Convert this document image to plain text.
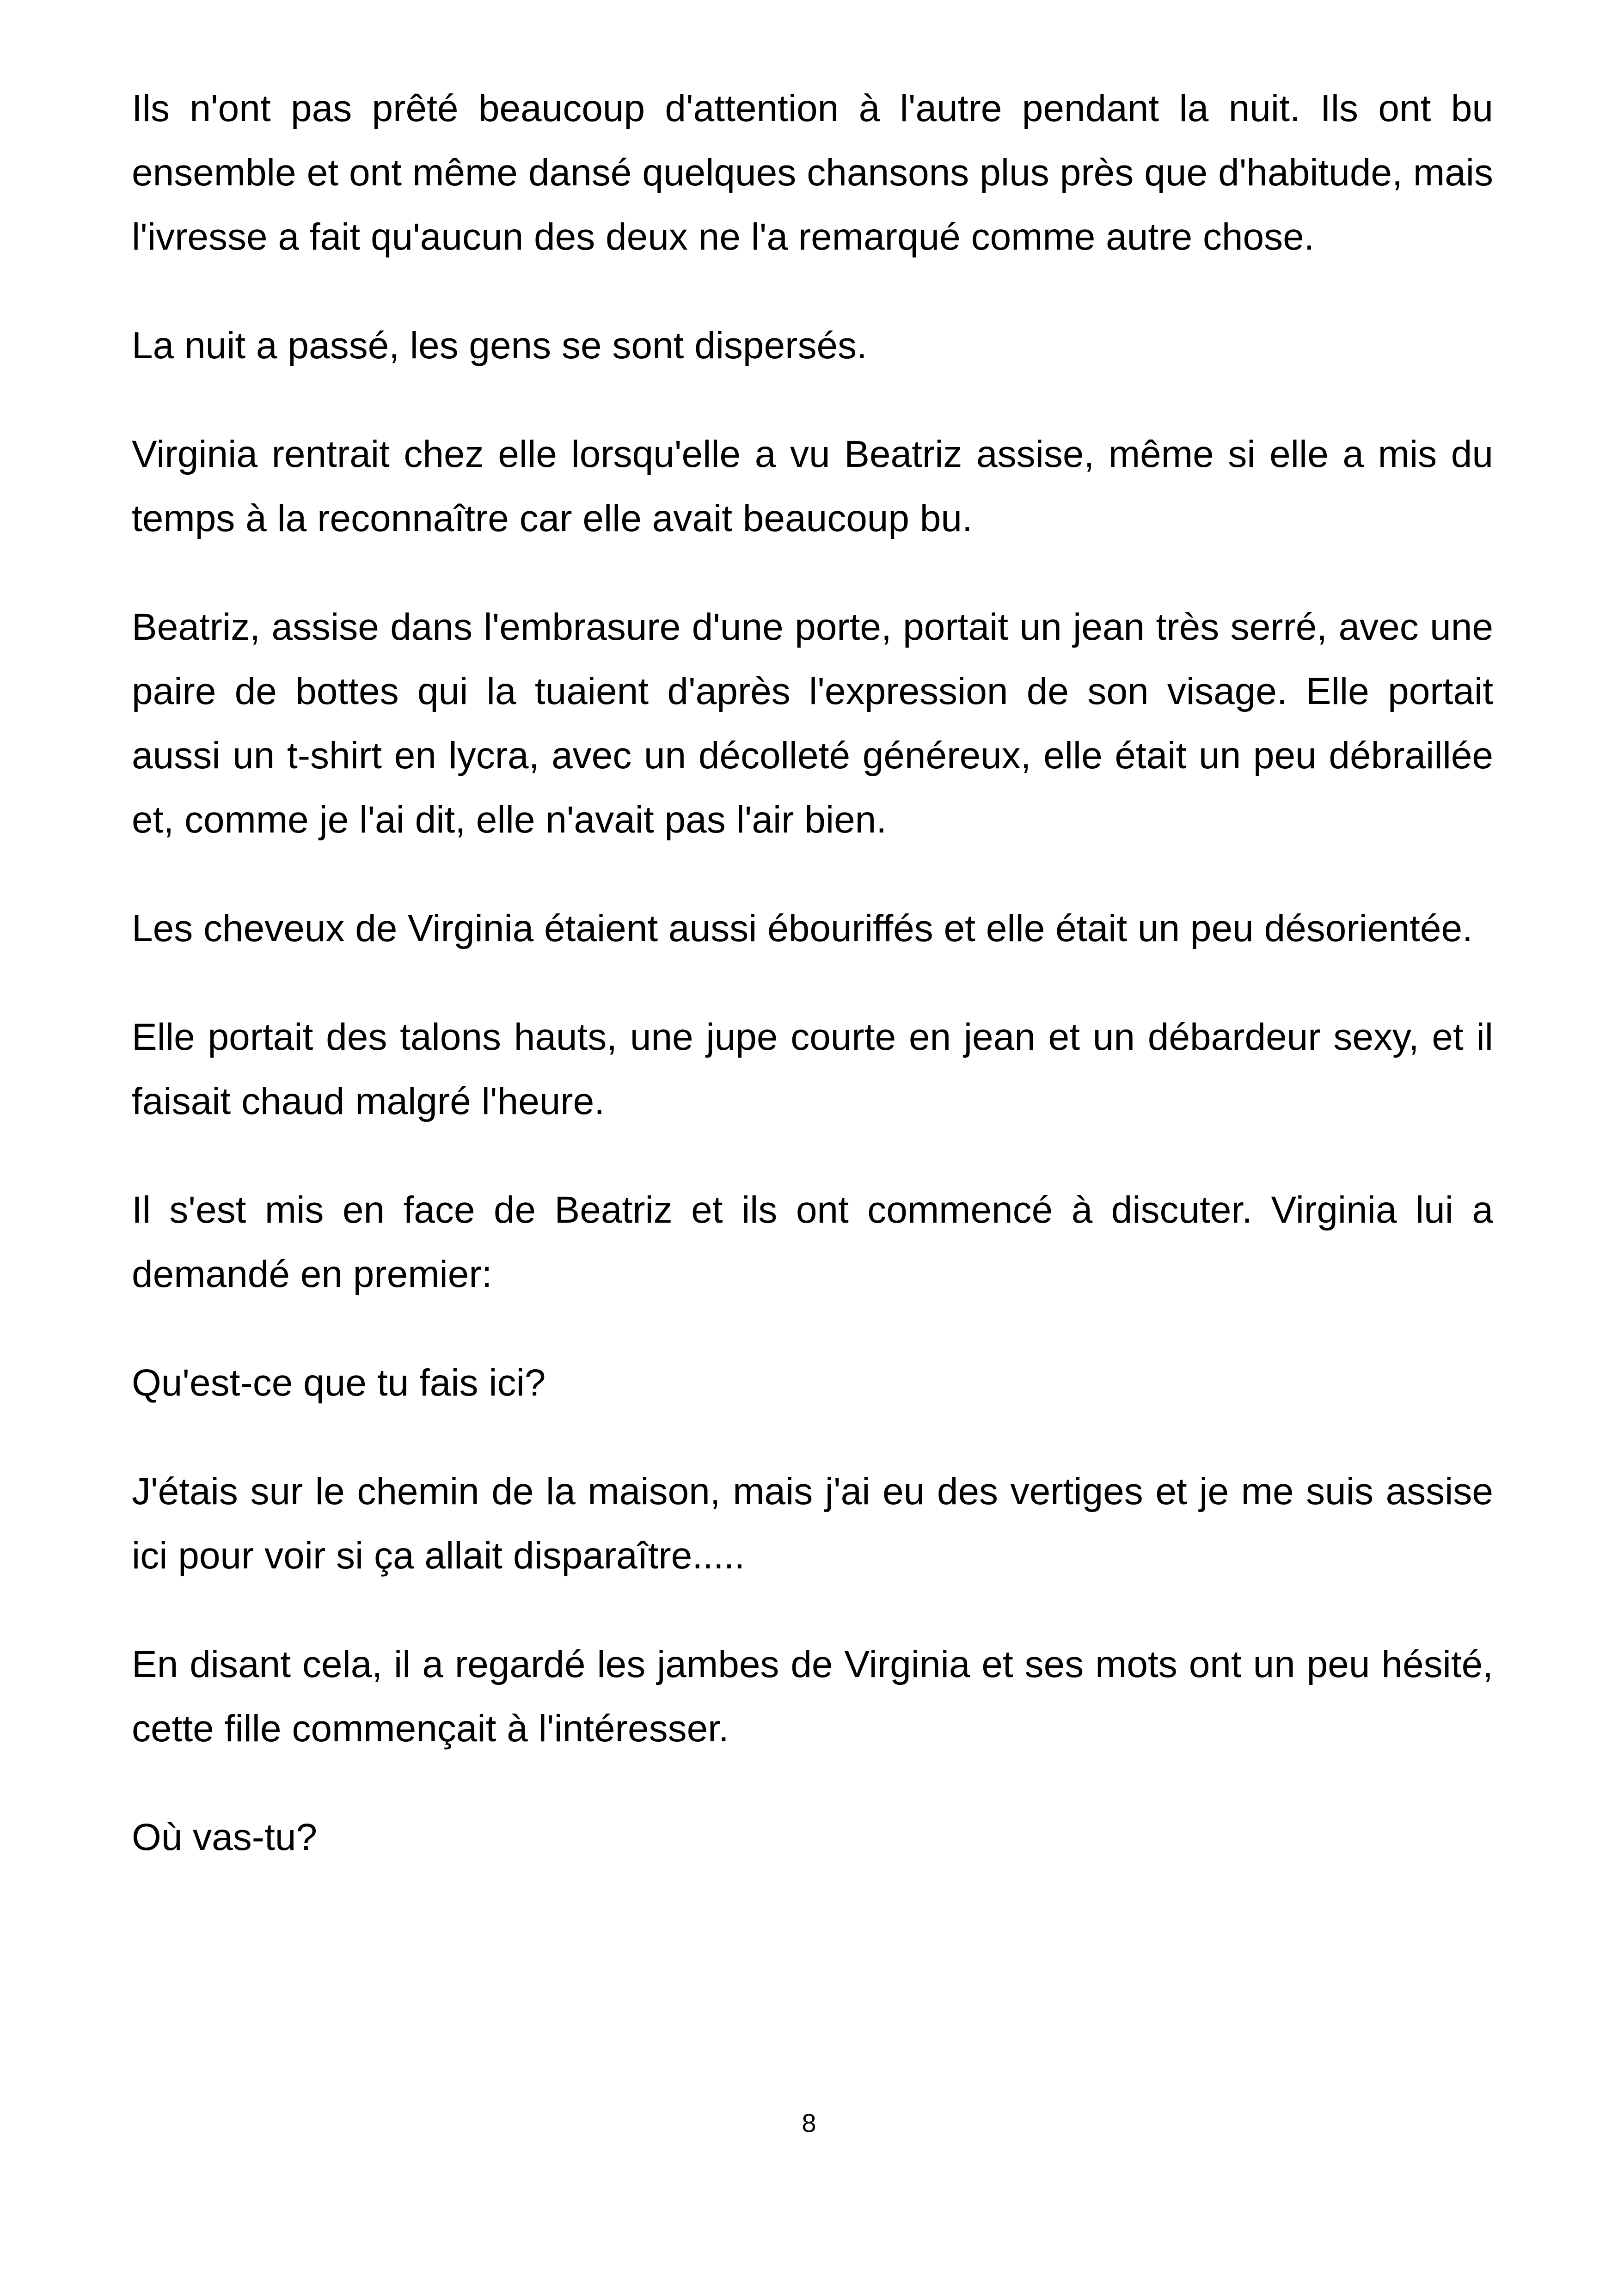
Ils n'ont pas prêté beaucoup d'attention à l'autre pendant la nuit. Ils ont bu ensemble et ont même dansé quelques chansons plus près que d'habitude, mais l'ivresse a fait qu'aucun des deux ne l'a remarqué comme autre chose.

La nuit a passé, les gens se sont dispersés.

Virginia rentrait chez elle lorsqu'elle a vu Beatriz assise, même si elle a mis du temps à la reconnaître car elle avait beaucoup bu.

Beatriz, assise dans l'embrasure d'une porte, portait un jean très serré, avec une paire de bottes qui la tuaient d'après l'expression de son visage. Elle portait aussi un t-shirt en lycra, avec un décolleté généreux, elle était un peu débraillée et, comme je l'ai dit, elle n'avait pas l'air bien.

Les cheveux de Virginia étaient aussi ébouriffés et elle était un peu désorientée.

Elle portait des talons hauts, une jupe courte en jean et un débardeur sexy, et il faisait chaud malgré l'heure.

Il s'est mis en face de Beatriz et ils ont commencé à discuter. Virginia lui a demandé en premier:

Qu'est-ce que tu fais ici?

J'étais sur le chemin de la maison, mais j'ai eu des vertiges et je me suis assise ici pour voir si ça allait disparaître.....

En disant cela, il a regardé les jambes de Virginia et ses mots ont un peu hésité, cette fille commençait à l'intéresser.

Où vas-tu?

8
